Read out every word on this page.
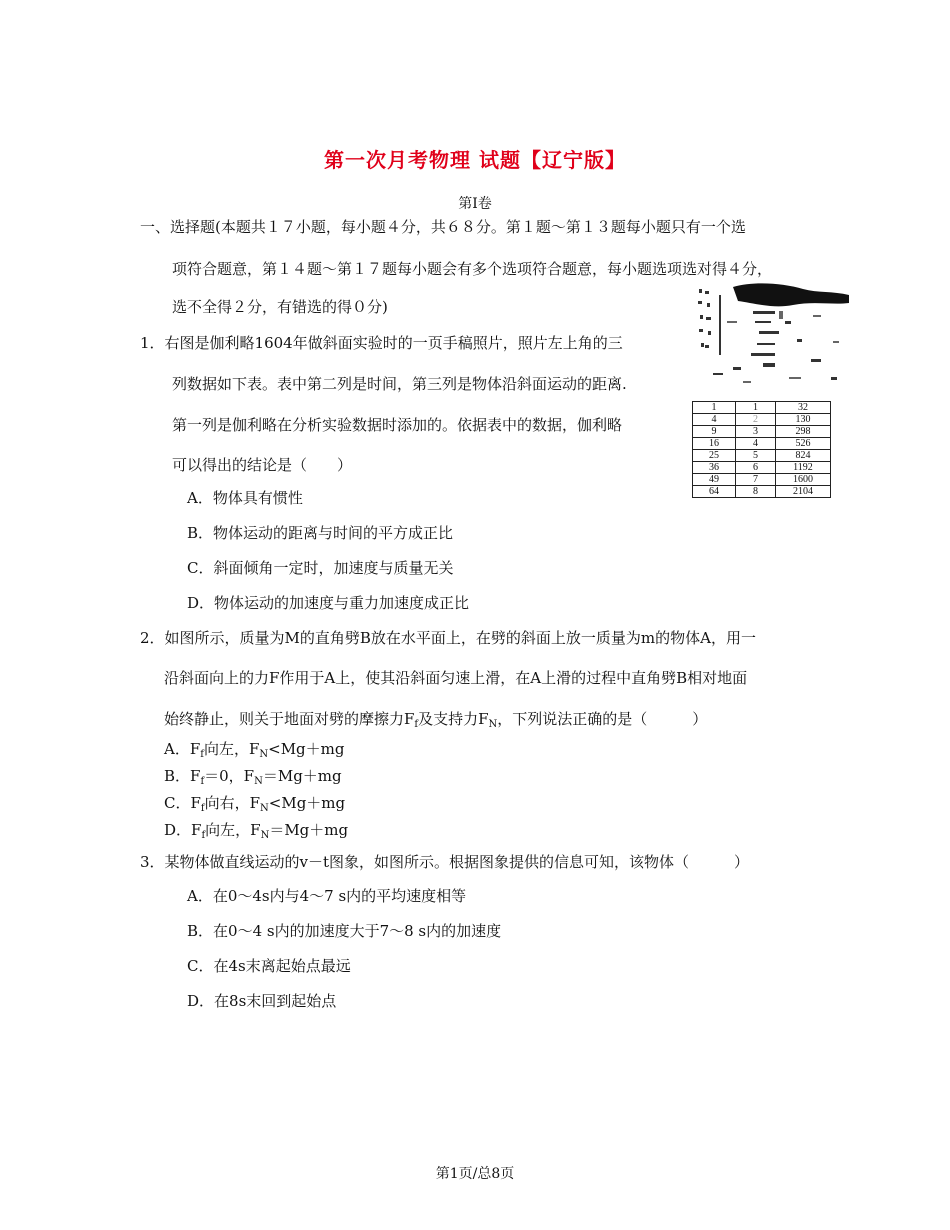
第一次月考物理 试题【辽宁版】
第Ⅰ卷
一、选择题(本题共１７小题，每小题４分，共６８分。第１题～第１３题每小题只有一个选
项符合题意，第１４题～第１７题每小题会有多个选项符合题意，每小题选项选对得４分，
选不全得２分，有错选的得０分)
1	1	32
4	2	130
9	3	298
16	4	526
25	5	824
36	6	1192
49	7	1600
64	8	2104
1．右图是伽利略1604年做斜面实验时的一页手稿照片，照片左上角的三
列数据如下表。表中第二列是时间，第三列是物体沿斜面运动的距离.
第一列是伽利略在分析实验数据时添加的。依据表中的数据，伽利略
可以得出的结论是（　　）
A．物体具有惯性
B．物体运动的距离与时间的平方成正比
C．斜面倾角一定时，加速度与质量无关
D．物体运动的加速度与重力加速度成正比
2．如图所示，质量为M的直角劈B放在水平面上，在劈的斜面上放一质量为m的物体A，用一
沿斜面向上的力F作用于A上，使其沿斜面匀速上滑，在A上滑的过程中直角劈B相对地面
始终静止，则关于地面对劈的摩擦力$F_f$及支持力$F_N$，下列说法正确的是（　　　）
A．$F_f$向左，$F_N<Mg+mg$
B．$F_f=0$，$F_N=Mg+mg$
C．$F_f$向右，$F_N<Mg+mg$
D．$F_f$向左，$F_N=Mg+mg$
3．某物体做直线运动的v－t图象，如图所示。根据图象提供的信息可知，该物体（　　　）
A．在0～4s内与4～7 s内的平均速度相等
B．在0～4 s内的加速度大于7～8 s内的加速度
C．在4s末离起始点最远
D．在8s末回到起始点
第1页/总8页
